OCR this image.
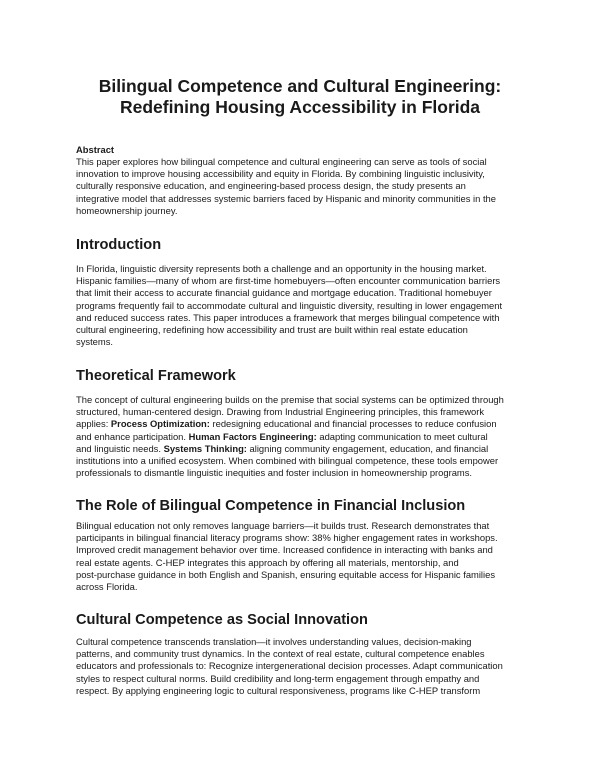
Bilingual Competence and Cultural Engineering:
Redefining Housing Accessibility in Florida

Abstract

This paper explores how bilingual competence and cultural engineering can serve as tools of social
innovation to improve housing accessibility and equity in Florida. By combining linguistic inclusivity,
culturally responsive education, and engineering-based process design, the study presents an
integrative model that addresses systemic barriers faced by Hispanic and minority communities in the
homeownership journey.

Introduction

In Florida, linguistic diversity represents both a challenge and an opportunity in the housing market.
Hispanic families—many of whom are first-time homebuyers—often encounter communication barriers
that limit their access to accurate financial guidance and mortgage education. Traditional homebuyer
programs frequently fail to accommodate cultural and linguistic diversity, resulting in lower engagement
and reduced success rates. This paper introduces a framework that merges bilingual competence with
cultural engineering, redefining how accessibility and trust are built within real estate education
systems.

Theoretical Framework

The concept of cultural engineering builds on the premise that social systems can be optimized through
structured, human-centered design. Drawing from Industrial Engineering principles, this framework
applies: Process Optimization: redesigning educational and financial processes to reduce confusion
and enhance participation. Human Factors Engineering: adapting communication to meet cultural
and linguistic needs. Systems Thinking: aligning community engagement, education, and financial
institutions into a unified ecosystem. When combined with bilingual competence, these tools empower
professionals to dismantle linguistic inequities and foster inclusion in homeownership programs.

The Role of Bilingual Competence in Financial Inclusion

Bilingual education not only removes language barriers—it builds trust. Research demonstrates that
participants in bilingual financial literacy programs show: 38% higher engagement rates in workshops.
Improved credit management behavior over time. Increased confidence in interacting with banks and
real estate agents. C-HEP integrates this approach by offering all materials, mentorship, and
post-purchase guidance in both English and Spanish, ensuring equitable access for Hispanic families
across Florida.

Cultural Competence as Social Innovation

Cultural competence transcends translation—it involves understanding values, decision-making
patterns, and community trust dynamics. In the context of real estate, cultural competence enables
educators and professionals to: Recognize intergenerational decision processes. Adapt communication
styles to respect cultural norms. Build credibility and long-term engagement through empathy and
respect. By applying engineering logic to cultural responsiveness, programs like C-HEP transform
